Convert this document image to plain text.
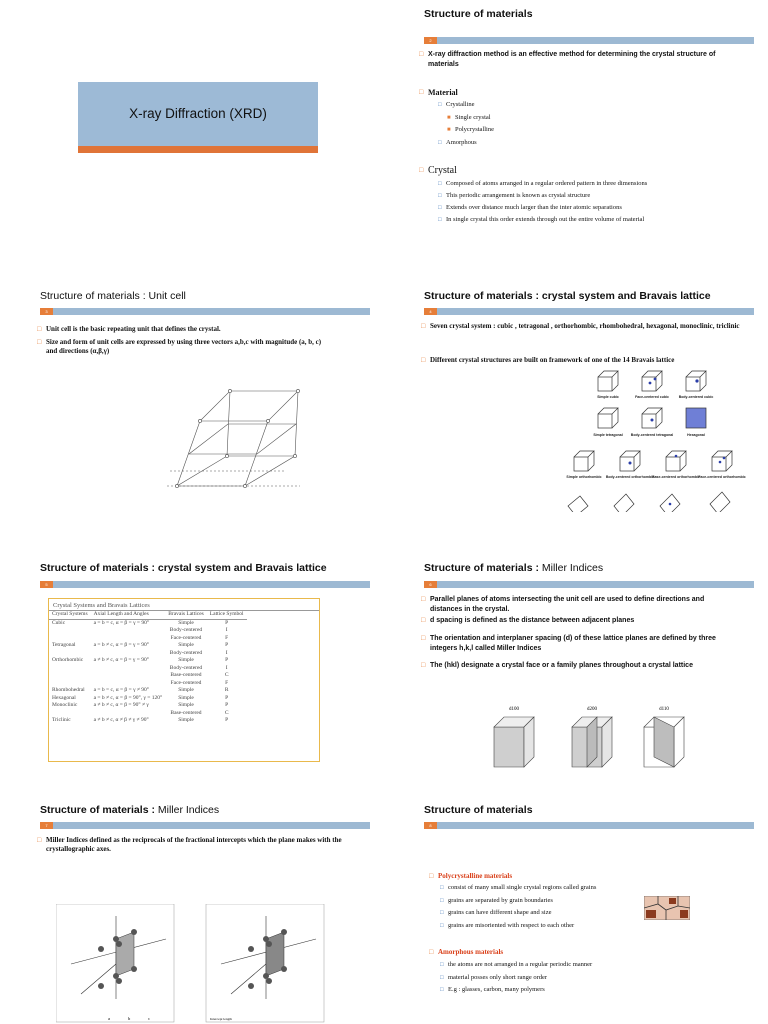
X-ray Diffraction (XRD)
Structure of materials
2
□ X-ray diffraction method is an effective method for determining the crystal structure of materials
□ Material
□ Crystalline
■ Single crystal
■ Polycrystalline
□ Amorphous
□ Crystal
□ Composed of atoms arranged in a regular ordered pattern in three dimensions
□ This periodic arrangement is known as crystal structure
□ Extends over distance much larger than the inter atomic separations
□ In single crystal this order extends through out the entire volume of material
Structure of materials : Unit cell
3
□ Unit cell is the basic repeating unit that defines the crystal.
□ Size and form of unit cells are expressed by using three vectors a,b,c with magnitude (a, b, c) and directions (α,β,γ)
Structure of materials : crystal system and Bravais lattice
4
□ Seven crystal system : cubic , tetragonal , orthorhombic, rhombohedral, hexagonal, monoclinic, triclinic
□ Different crystal structures are built on framework of one of the 14 Bravais lattice
Simple cubic	Face-centered cubic	Body-centered cubic
Simple tetragonal Body-centered tetragonal	Hexagonal
Simple orthorhombic Body-centered orthorhombic
Base-centered orthorhombic
Face-centered orthorhombic
Rhombohedral	Simple Monoclinic	Base-centered monoclinic
Triclinic
Structure of materials : crystal system and Bravais lattice
5
Crystal Systems and Bravais Lattices
Crystal Systems	Axial Length and Angles	Bravais Lattices	Lattice Symbol
Cubic	a = b = c, α = β = γ = 90°	Simple	P
		Body-centered	I
		Face-centered	F
Tetragonal	a = b ≠ c, α = β = γ = 90°	Simple	P
		Body-centered	I
Orthorhombic	a ≠ b ≠ c, α = β = γ = 90°	Simple	P
		Body-centered	I
		Base-centered	C
		Face-centered	F
Rhombohedral	a = b = c, α = β = γ ≠ 90°	Simple	R
Hexagonal	a = b ≠ c, α = β = 90°, γ = 120°	Simple	P
Monoclinic	a ≠ b ≠ c, α = β = 90° ≠ γ	Simple	P
		Base-centered	C
Triclinic	a ≠ b ≠ c, α ≠ β ≠ γ ≠ 90°	Simple	P
Structure of materials : Miller Indices
6
□ Parallel planes of atoms intersecting the unit cell are used to define directions and distances in the crystal.
□ d spacing is defined as the distance between adjacent planes
□ The orientation and interplaner spacing (d) of these lattice planes are defined by three integers h,k,l called Miller Indices
□ The (hkl) designate a crystal face or a family planes throughout a crystal lattice
d100	d200	d110
(100)	(200)	(110)
Structure of materials : Miller Indices
7
□ Miller Indices defined as the reciprocals of the fractional intercepts which the plane makes with the crystallographic axes.
a	b	c	Intercept length
Structure of materials
8
□ Polycrystalline materials
□ consist of many small single crystal regions called grains
□ grains are separated by grain boundaries
□ grains can have different shape and size
□ grains are misoriented with respect to each other
□ Amorphous materials
□ the atoms are not arranged in a regular periodic manner
□ material posses only short range order
□ E.g : glasses, carbon, many polymers
